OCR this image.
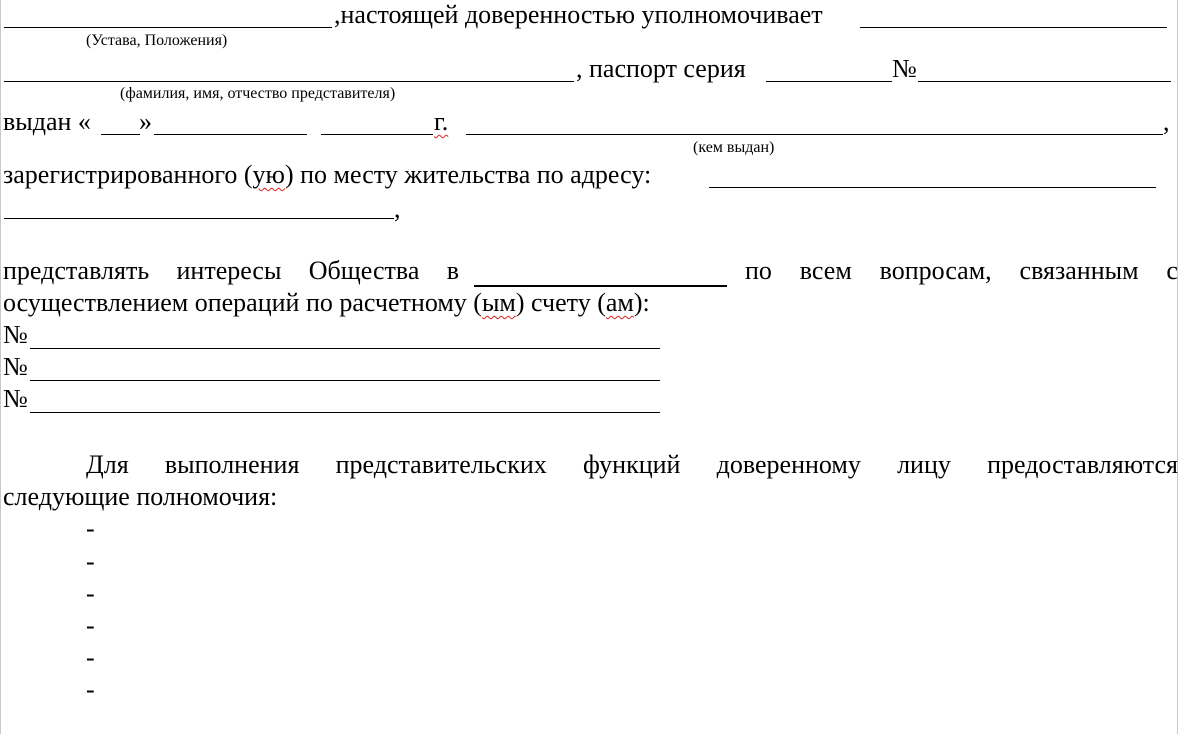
,настоящей доверенностью уполномочивает
(Устава, Положения)
, паспорт серия	№
(фамилия, имя, отчество представителя)
выдан « »	г.	,
(кем выдан)
зарегистрированного (ую) по месту жительства по адресу:
,
представлять интересы Общества в	по всем вопросам, связанным с
осуществлением операций по расчетному (ым) счету (ам):
№
№
№
Для выполнения представительских функций доверенному лицу предоставляются
следующие полномочия:
-
-
-
-
-
-
